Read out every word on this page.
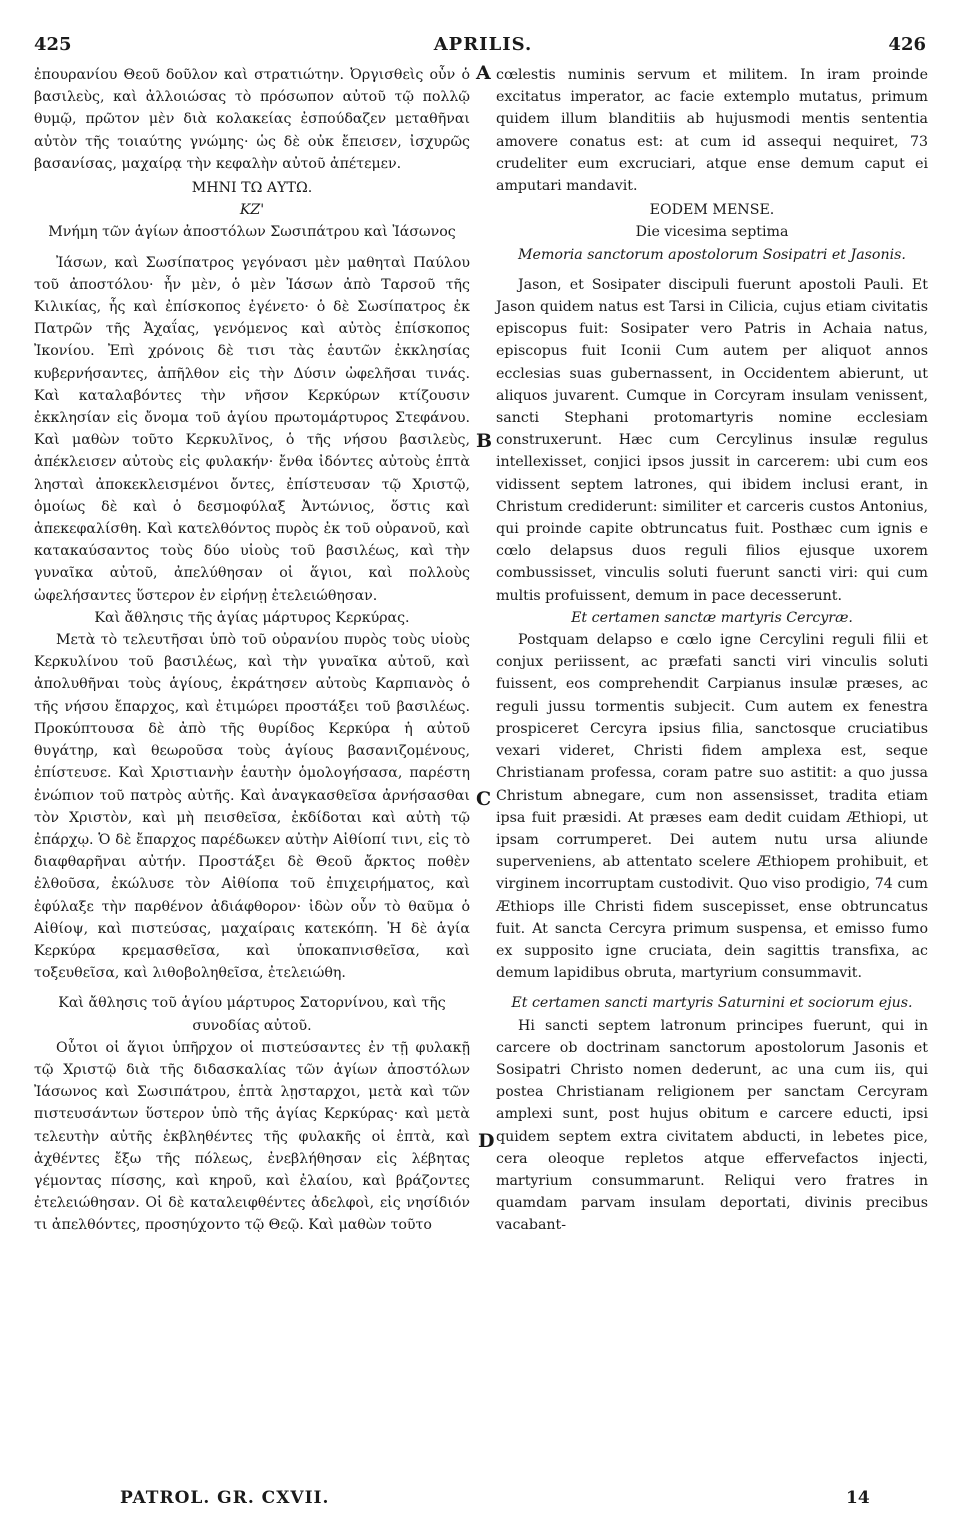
425	APRILIS.	426
A
B
C
D

ἐπουρανίου Θεοῦ δοῦλον καὶ στρατιώτην. Ὀργισθεὶς οὖν ὁ βασιλεὺς, καὶ ἀλλοιώσας τὸ πρόσωπον αὐτοῦ τῷ πολλῷ θυμῷ, πρῶτον μὲν διὰ κολακείας ἐσπούδαζεν μεταθῆναι αὐτὸν τῆς τοιαύτης γνώμης· ὡς δὲ οὐκ ἔπεισεν, ἰσχυρῶς βασανίσας, μαχαίρᾳ τὴν κεφαλὴν αὐτοῦ ἀπέτεμεν.

ΜΗΝΙ ΤΩ ΑΥΤΩ.

ΚΖ'

Μνήμη τῶν ἁγίων ἀποστόλων Σωσιπάτρου καὶ Ἰάσωνος

Ἰάσων, καὶ Σωσίπατρος γεγόνασι μὲν μαθηταὶ Παύλου τοῦ ἀποστόλου· ἦν μὲν, ὁ μὲν Ἰάσων ἀπὸ Ταρσοῦ τῆς Κιλικίας, ἧς καὶ ἐπίσκοπος ἐγένετο· ὁ δὲ Σωσίπατρος ἐκ Πατρῶν τῆς Ἀχαΐας, γενόμενος καὶ αὐτὸς ἐπίσκοπος Ἰκονίου. Ἐπὶ χρόνοις δὲ τισι τὰς ἑαυτῶν ἐκκλησίας κυβερνήσαντες, ἀπῆλθον εἰς τὴν Δύσιν ὠφελῆσαι τινάς. Καὶ καταλαβόντες τὴν νῆσον Κερκύρων κτίζουσιν ἐκκλησίαν εἰς ὄνομα τοῦ ἁγίου πρωτομάρτυρος Στεφάνου. Καὶ μαθὼν τοῦτο Κερκυλῖνος, ὁ τῆς νήσου βασιλεὺς, ἀπέκλεισεν αὐτοὺς εἰς φυλακήν· ἔνθα ἰδόντες αὐτοὺς ἑπτὰ λησταὶ ἀποκεκλεισμένοι ὄντες, ἐπίστευσαν τῷ Χριστῷ, ὁμοίως δὲ καὶ ὁ δεσμοφύλαξ Ἀντώνιος, ὅστις καὶ ἀπεκεφαλίσθη. Καὶ κατελθόντος πυρὸς ἐκ τοῦ οὐρανοῦ, καὶ κατακαύσαντος τοὺς δύο υἱοὺς τοῦ βασιλέως, καὶ τὴν γυναῖκα αὐτοῦ, ἀπελύθησαν οἱ ἅγιοι, καὶ πολλοὺς ὠφελήσαντες ὕστερον ἐν εἰρήνῃ ἐτελειώθησαν.

Καὶ ἄθλησις τῆς ἁγίας μάρτυρος Κερκύρας.

Μετὰ τὸ τελευτῆσαι ὑπὸ τοῦ οὐρανίου πυρὸς τοὺς υἱοὺς Κερκυλίνου τοῦ βασιλέως, καὶ τὴν γυναῖκα αὐτοῦ, καὶ ἀπολυθῆναι τοὺς ἁγίους, ἐκράτησεν αὐτοὺς Καρπιανὸς ὁ τῆς νήσου ἔπαρχος, καὶ ἐτιμώρει προστάξει τοῦ βασιλέως. Προκύπτουσα δὲ ἀπὸ τῆς θυρίδος Κερκύρα ἡ αὐτοῦ θυγάτηρ, καὶ θεωροῦσα τοὺς ἁγίους βασανιζομένους, ἐπίστευσε. Καὶ Χριστιανὴν ἑαυτὴν ὁμολογήσασα, παρέστη ἐνώπιον τοῦ πατρὸς αὐτῆς. Καὶ ἀναγκασθεῖσα ἀρνήσασθαι τὸν Χριστὸν, καὶ μὴ πεισθεῖσα, ἐκδίδοται καὶ αὐτὴ τῷ ἐπάρχῳ. Ὁ δὲ ἔπαρχος παρέδωκεν αὐτὴν Αἰθίοπί τινι, εἰς τὸ διαφθαρῆναι αὐτήν. Προστάξει δὲ Θεοῦ ἄρκτος ποθὲν ἐλθοῦσα, ἐκώλυσε τὸν Αἰθίοπα τοῦ ἐπιχειρήματος, καὶ ἐφύλαξε τὴν παρθένον ἀδιάφθορον· ἰδὼν οὖν τὸ θαῦμα ὁ Αἰθίοψ, καὶ πιστεύσας, μαχαίραις κατεκόπη. Ἡ δὲ ἁγία Κερκύρα κρεμασθεῖσα, καὶ ὑποκαπνισθεῖσα, καὶ τοξευθεῖσα, καὶ λιθοβοληθεῖσα, ἐτελειώθη.

Καὶ ἄθλησις τοῦ ἁγίου μάρτυρος Σατορνίνου, καὶ τῆς συνοδίας αὐτοῦ.

Οὗτοι οἱ ἅγιοι ὑπῆρχον οἱ πιστεύσαντες ἐν τῇ φυλακῇ τῷ Χριστῷ διὰ τῆς διδασκαλίας τῶν ἁγίων ἀποστόλων Ἰάσωνος καὶ Σωσιπάτρου, ἑπτὰ λῃσταρχοι, μετὰ καὶ τῶν πιστευσάντων ὕστερον ὑπὸ τῆς ἁγίας Κερκύρας· καὶ μετὰ τελευτὴν αὐτῆς ἐκβληθέντες τῆς φυλακῆς οἱ ἑπτὰ, καὶ ἀχθέντες ἔξω τῆς πόλεως, ἐνεβλήθησαν εἰς λέβητας γέμοντας πίσσης, καὶ κηροῦ, καὶ ἐλαίου, καὶ βράζοντες ἐτελειώθησαν. Οἱ δὲ καταλειφθέντες ἀδελφοὶ, εἰς νησίδιόν τι ἀπελθόντες, προσηύχοντο τῷ Θεῷ. Καὶ μαθὼν τοῦτο

cœlestis numinis servum et militem. In iram proinde excitatus imperator, ac facie extemplo mutatus, primum quidem illum blanditiis ab hujusmodi mentis sententia amovere conatus est: at cum id assequi nequiret, 73 crudeliter eum excruciari, atque ense demum caput ei amputari mandavit.

EODEM MENSE.

Die vicesima septima

Memoria sanctorum apostolorum Sosipatri et Jasonis.

Jason, et Sosipater discipuli fuerunt apostoli Pauli. Et Jason quidem natus est Tarsi in Cilicia, cujus etiam civitatis episcopus fuit: Sosipater vero Patris in Achaia natus, episcopus fuit Iconii Cum autem per aliquot annos ecclesias suas gubernassent, in Occidentem abierunt, ut aliquos juvarent. Cumque in Corcyram insulam venissent, sancti Stephani protomartyris nomine ecclesiam construxerunt. Hæc cum Cercylinus insulæ regulus intellexisset, conjici ipsos jussit in carcerem: ubi cum eos vidissent septem latrones, qui ibidem inclusi erant, in Christum crediderunt: similiter et carceris custos Antonius, qui proinde capite obtruncatus fuit. Posthæc cum ignis e cœlo delapsus duos reguli filios ejusque uxorem combussisset, vinculis soluti fuerunt sancti viri: qui cum multis profuissent, demum in pace decesserunt.

Et certamen sanctæ martyris Cercyræ.

Postquam delapso e cœlo igne Cercylini reguli filii et conjux periissent, ac præfati sancti viri vinculis soluti fuissent, eos comprehendit Carpianus insulæ præses, ac reguli jussu tormentis subjecit. Cum autem ex fenestra prospiceret Cercyra ipsius filia, sanctosque cruciatibus vexari videret, Christi fidem amplexa est, seque Christianam professa, coram patre suo astitit: a quo jussa Christum abnegare, cum non assensisset, tradita etiam ipsa fuit præsidi. At præses eam dedit cuidam Æthiopi, ut ipsam corrumperet. Dei autem nutu ursa aliunde superveniens, ab attentato scelere Æthiopem prohibuit, et virginem incorruptam custodivit. Quo viso prodigio, 74 cum Æthiops ille Christi fidem suscepisset, ense obtruncatus fuit. At sancta Cercyra primum suspensa, et emisso fumo ex supposito igne cruciata, dein sagittis transfixa, ac demum lapidibus obruta, martyrium consummavit.

Et certamen sancti martyris Saturnini et sociorum ejus.

Hi sancti septem latronum principes fuerunt, qui in carcere ob doctrinam sanctorum apostolorum Jasonis et Sosipatri Christo nomen dederunt, ac una cum iis, qui postea Christianam religionem per sanctam Cercyram amplexi sunt, post hujus obitum e carcere educti, ipsi quidem septem extra civitatem abducti, in lebetes pice, cera oleoque repletos atque effervefactos injecti, martyrium consummarunt. Reliqui vero fratres in quamdam parvam insulam deportati, divinis precibus vacabant-

PATROL. GR. CXVII.	14
